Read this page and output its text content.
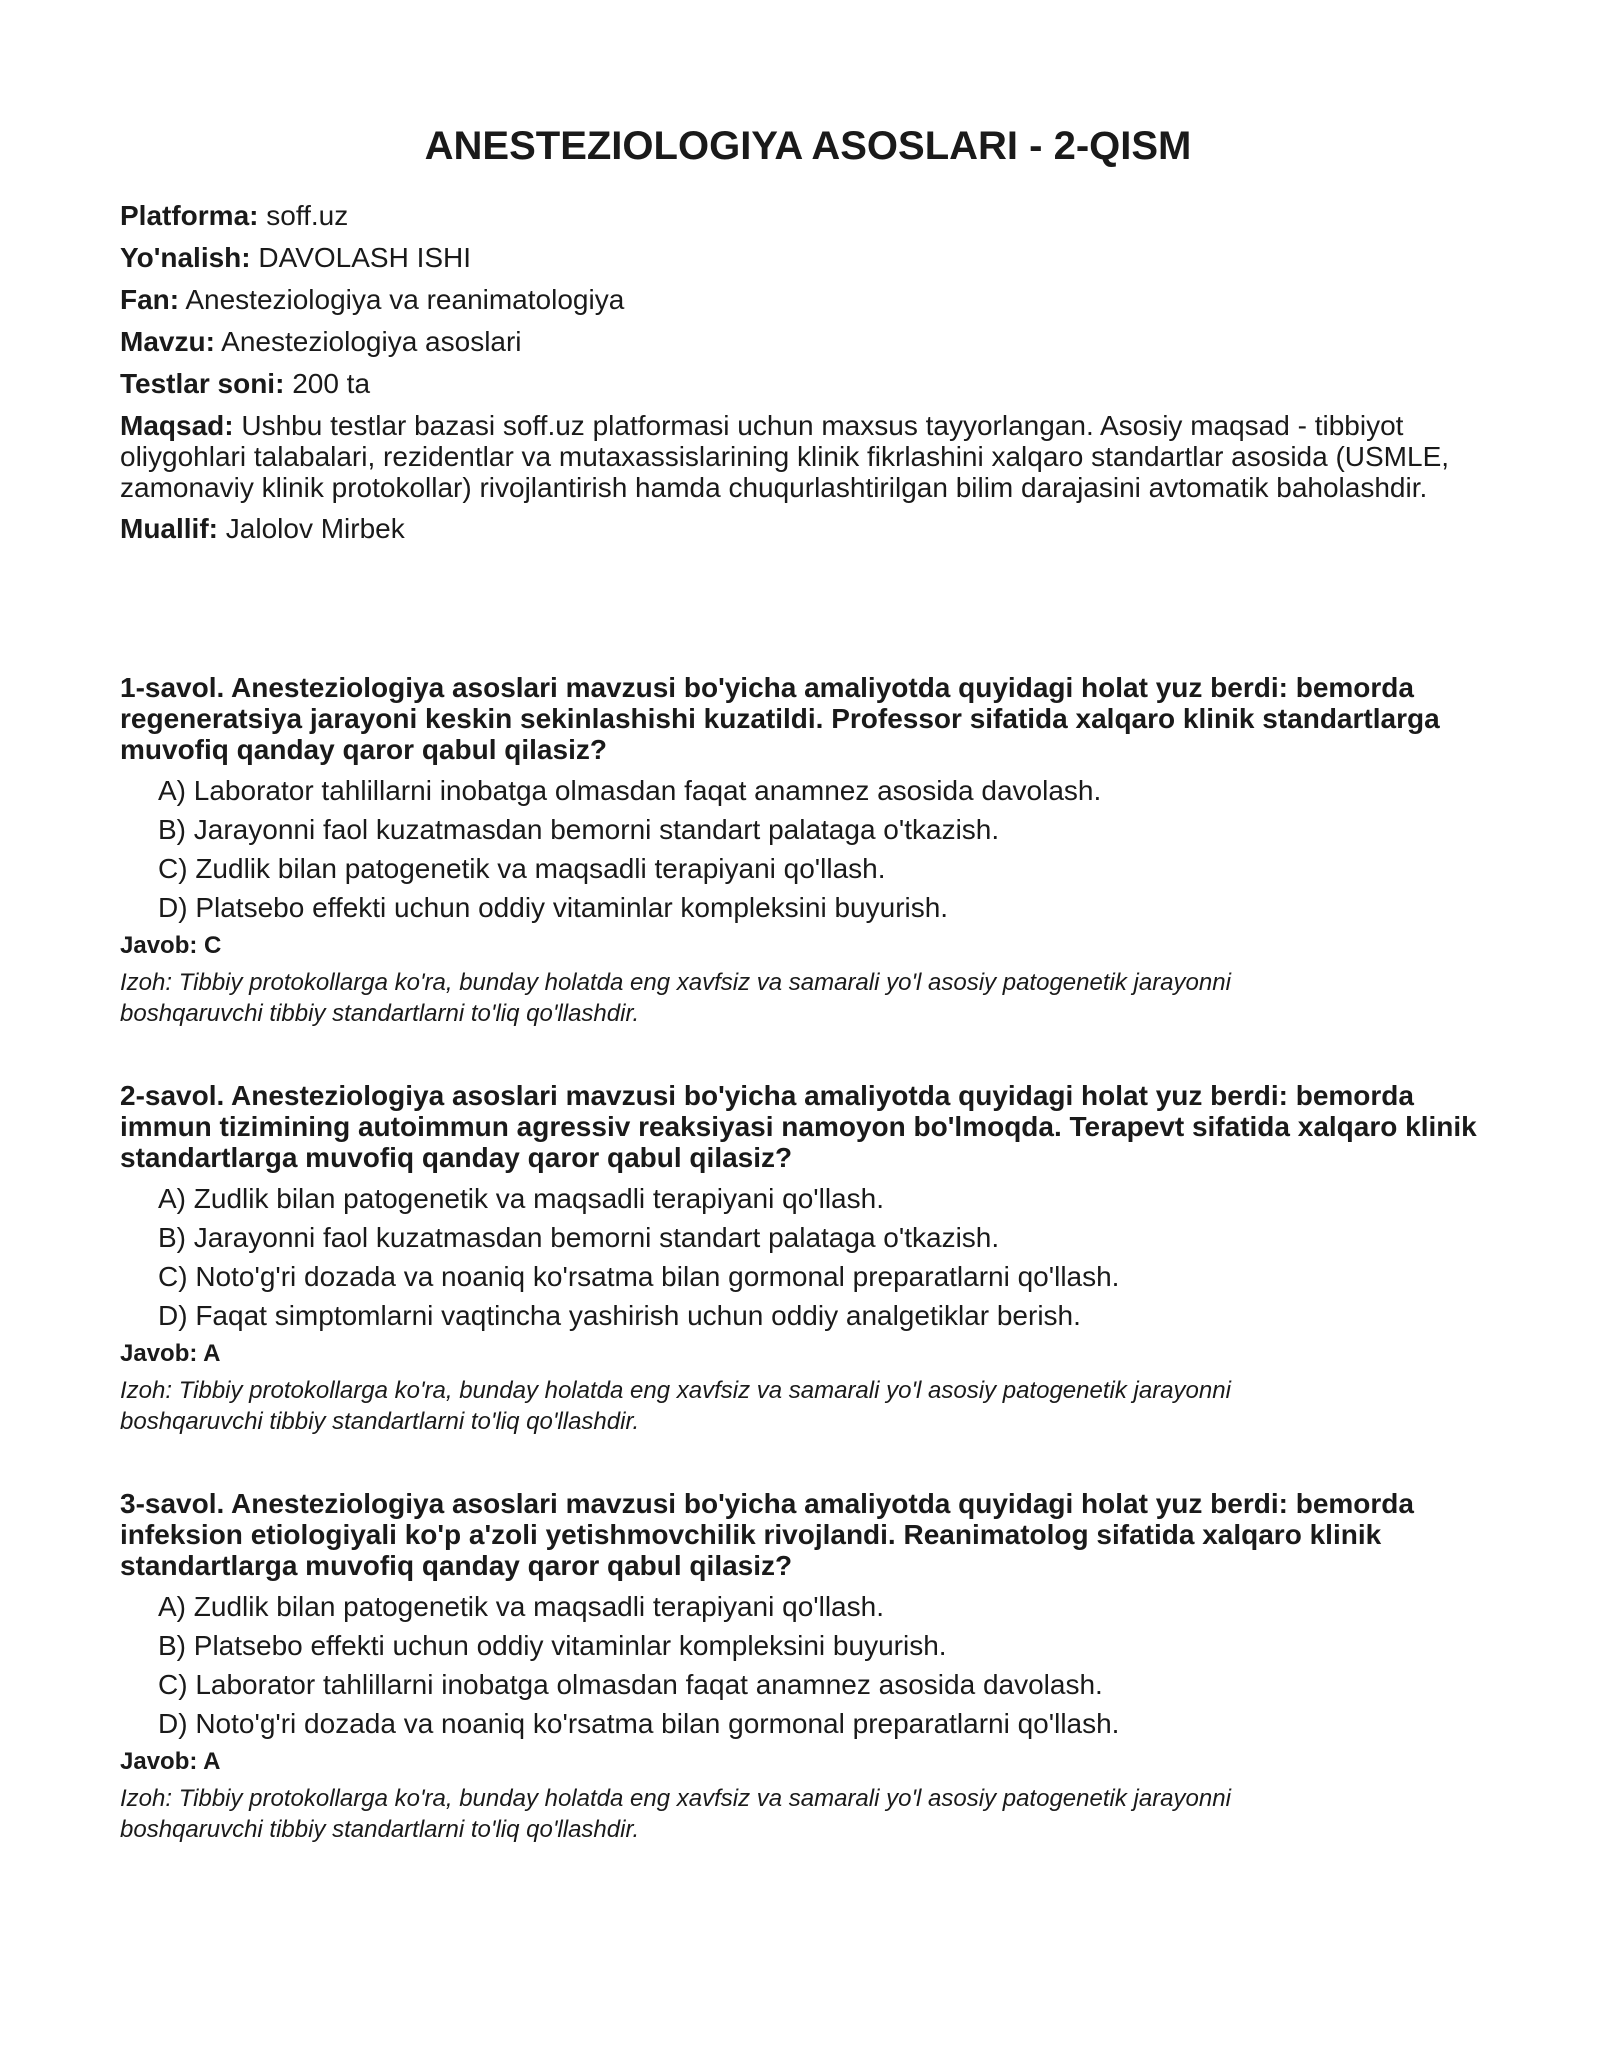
ANESTEZIOLOGIYA ASOSLARI - 2-QISM

Platforma: soff.uz

Yo'nalish: DAVOLASH ISHI

Fan: Anesteziologiya va reanimatologiya

Mavzu: Anesteziologiya asoslari

Testlar soni: 200 ta

Maqsad: Ushbu testlar bazasi soff.uz platformasi uchun maxsus tayyorlangan. Asosiy maqsad - tibbiyot oliygohlari talabalari, rezidentlar va mutaxassislarining klinik fikrlashini xalqaro standartlar asosida (USMLE, zamonaviy klinik protokollar) rivojlantirish hamda chuqurlashtirilgan bilim darajasini avtomatik baholashdir.

Muallif: Jalolov Mirbek

1-savol. Anesteziologiya asoslari mavzusi bo'yicha amaliyotda quyidagi holat yuz berdi: bemorda regeneratsiya jarayoni keskin sekinlashishi kuzatildi. Professor sifatida xalqaro klinik standartlarga muvofiq qanday qaror qabul qilasiz?

A) Laborator tahlillarni inobatga olmasdan faqat anamnez asosida davolash.
B) Jarayonni faol kuzatmasdan bemorni standart palataga o'tkazish.
C) Zudlik bilan patogenetik va maqsadli terapiyani qo'llash.
D) Platsebo effekti uchun oddiy vitaminlar kompleksini buyurish.

Javob: C

Izoh: Tibbiy protokollarga ko'ra, bunday holatda eng xavfsiz va samarali yo'l asosiy patogenetik jarayonni boshqaruvchi tibbiy standartlarni to'liq qo'llashdir.

2-savol. Anesteziologiya asoslari mavzusi bo'yicha amaliyotda quyidagi holat yuz berdi: bemorda immun tizimining autoimmun agressiv reaksiyasi namoyon bo'lmoqda. Terapevt sifatida xalqaro klinik standartlarga muvofiq qanday qaror qabul qilasiz?

A) Zudlik bilan patogenetik va maqsadli terapiyani qo'llash.
B) Jarayonni faol kuzatmasdan bemorni standart palataga o'tkazish.
C) Noto'g'ri dozada va noaniq ko'rsatma bilan gormonal preparatlarni qo'llash.
D) Faqat simptomlarni vaqtincha yashirish uchun oddiy analgetiklar berish.

Javob: A

Izoh: Tibbiy protokollarga ko'ra, bunday holatda eng xavfsiz va samarali yo'l asosiy patogenetik jarayonni boshqaruvchi tibbiy standartlarni to'liq qo'llashdir.

3-savol. Anesteziologiya asoslari mavzusi bo'yicha amaliyotda quyidagi holat yuz berdi: bemorda infeksion etiologiyali ko'p a'zoli yetishmovchilik rivojlandi. Reanimatolog sifatida xalqaro klinik standartlarga muvofiq qanday qaror qabul qilasiz?

A) Zudlik bilan patogenetik va maqsadli terapiyani qo'llash.
B) Platsebo effekti uchun oddiy vitaminlar kompleksini buyurish.
C) Laborator tahlillarni inobatga olmasdan faqat anamnez asosida davolash.
D) Noto'g'ri dozada va noaniq ko'rsatma bilan gormonal preparatlarni qo'llash.

Javob: A

Izoh: Tibbiy protokollarga ko'ra, bunday holatda eng xavfsiz va samarali yo'l asosiy patogenetik jarayonni boshqaruvchi tibbiy standartlarni to'liq qo'llashdir.
